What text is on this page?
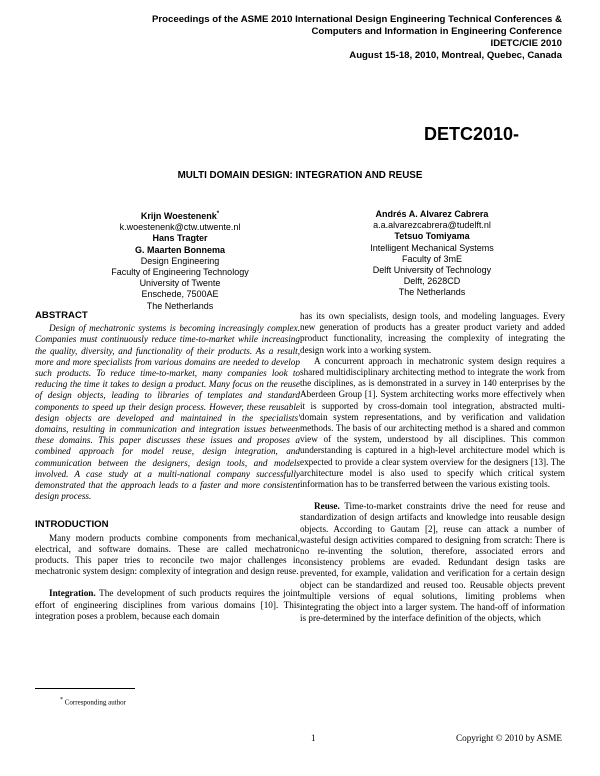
Proceedings of the ASME 2010 International Design Engineering Technical Conferences &
Computers and Information in Engineering Conference
IDETC/CIE 2010
August 15-18, 2010, Montreal, Quebec, Canada
DETC2010-
MULTI DOMAIN DESIGN: INTEGRATION AND REUSE
Krijn Woestenenk*
k.woestenenk@ctw.utwente.nl
Hans Tragter
G. Maarten Bonnema
Design Engineering
Faculty of Engineering Technology
University of Twente
Enschede, 7500AE
The Netherlands
Andrés A. Alvarez Cabrera
a.a.alvarezcabrera@tudelft.nl
Tetsuo Tomiyama
Intelligent Mechanical Systems
Faculty of 3mE
Delft University of Technology
Delft, 2628CD
The Netherlands
ABSTRACT

Design of mechatronic systems is becoming increasingly complex. Companies must continuously reduce time-to-market while increasing the quality, diversity, and functionality of their products. As a result, more and more specialists from various domains are needed to develop such products. To reduce time-to-market, many companies look to reducing the time it takes to design a product. Many focus on the reuse of design objects, leading to libraries of templates and standard components to speed up their design process. However, these reusable design objects are developed and maintained in the specialists' domains, resulting in communication and integration issues between these domains. This paper discusses these issues and proposes a combined approach for model reuse, design integration, and communication between the designers, design tools, and models involved. A case study at a multi-national company successfully demonstrated that the approach leads to a faster and more consistent design process.

INTRODUCTION

Many modern products combine components from mechanical, electrical, and software domains. These are called mechatronic products. This paper tries to reconcile two major challenges in mechatronic system design: complexity of integration and design reuse.

Integration. The development of such products requires the joint effort of engineering disciplines from various domains [10]. This integration poses a problem, because each domain

has its own specialists, design tools, and modeling languages. Every new generation of products has a greater product variety and added product functionality, increasing the complexity of integrating the design work into a working system.

A concurrent approach in mechatronic system design requires a shared multidisciplinary architecting method to integrate the work from the disciplines, as is demonstrated in a survey in 140 enterprises by the Aberdeen Group [1]. System architecting works more effectively when it is supported by cross-domain tool integration, abstracted multi-domain system representations, and by verification and validation methods. The basis of our architecting method is a shared and common view of the system, understood by all disciplines. This common understanding is captured in a high-level architecture model which is expected to provide a clear system overview for the designers [13]. The architecture model is also used to specify which critical system information has to be transferred between the various existing tools.

Reuse. Time-to-market constraints drive the need for reuse and standardization of design artifacts and knowledge into reusable design objects. According to Gautam [2], reuse can attack a number of wasteful design activities compared to designing from scratch: There is no re-inventing the solution, therefore, associated errors and consistency problems are evaded. Redundant design tasks are prevented, for example, validation and verification for a certain design object can be standardized and reused too. Reusable objects prevent multiple versions of equal solutions, limiting problems when integrating the object into a larger system. The hand-off of information is pre-determined by the interface definition of the objects, which

* Corresponding author
1	Copyright © 2010 by ASME
